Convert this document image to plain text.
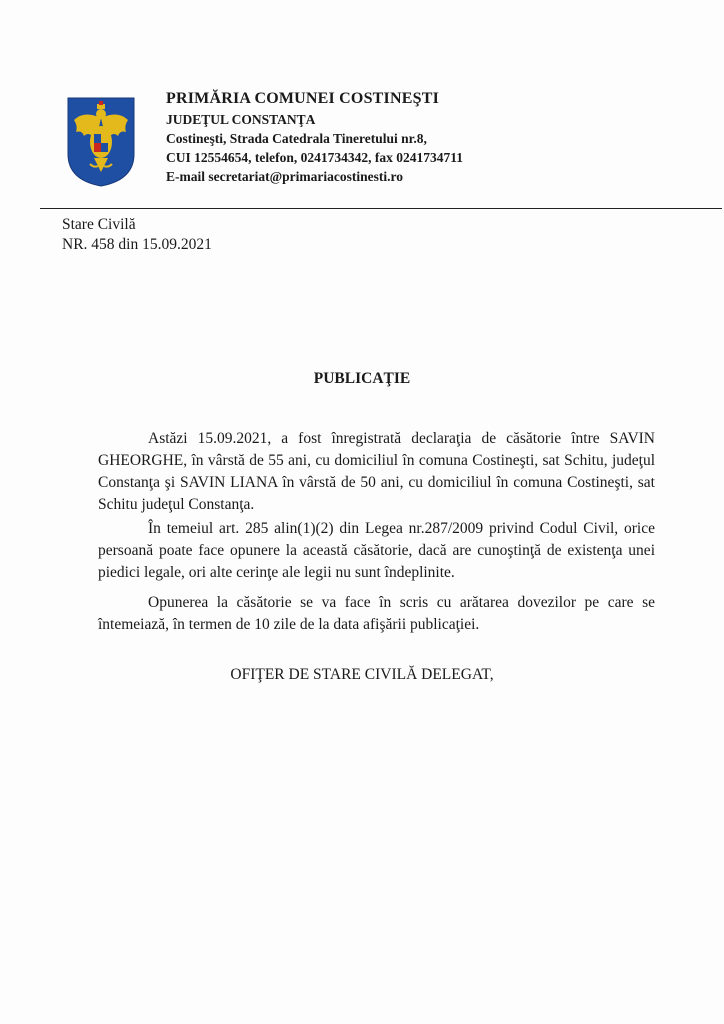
PRIMĂRIA COMUNEI COSTINEŞTI
JUDEŢUL CONSTANŢA
Costineşti, Strada Catedrala Tineretului nr.8,
CUI 12554654, telefon, 0241734342, fax 0241734711
E-mail secretariat@primariacostinesti.ro
Stare Civilă
NR. 458 din 15.09.2021
PUBLICAŢIE
Astăzi 15.09.2021, a fost înregistrată declaraţia de căsătorie între SAVIN GHEORGHE, în vârstă de 55 ani, cu domiciliul în comuna Costineşti, sat Schitu, judeţul Constanţa şi SAVIN LIANA în vârstă de 50 ani, cu domiciliul în comuna Costineşti, sat Schitu judeţul Constanţa.
În temeiul art. 285 alin(1)(2) din Legea nr.287/2009 privind Codul Civil, orice persoană poate face opunere la această căsătorie, dacă are cunoştinţă de existenţa unei piedici legale, ori alte cerinţe ale legii nu sunt îndeplinite.
Opunerea la căsătorie se va face în scris cu arătarea dovezilor pe care se întemeiază, în termen de 10 zile de la data afişării publicaţiei.
OFIŢER DE STARE CIVILĂ DELEGAT,
